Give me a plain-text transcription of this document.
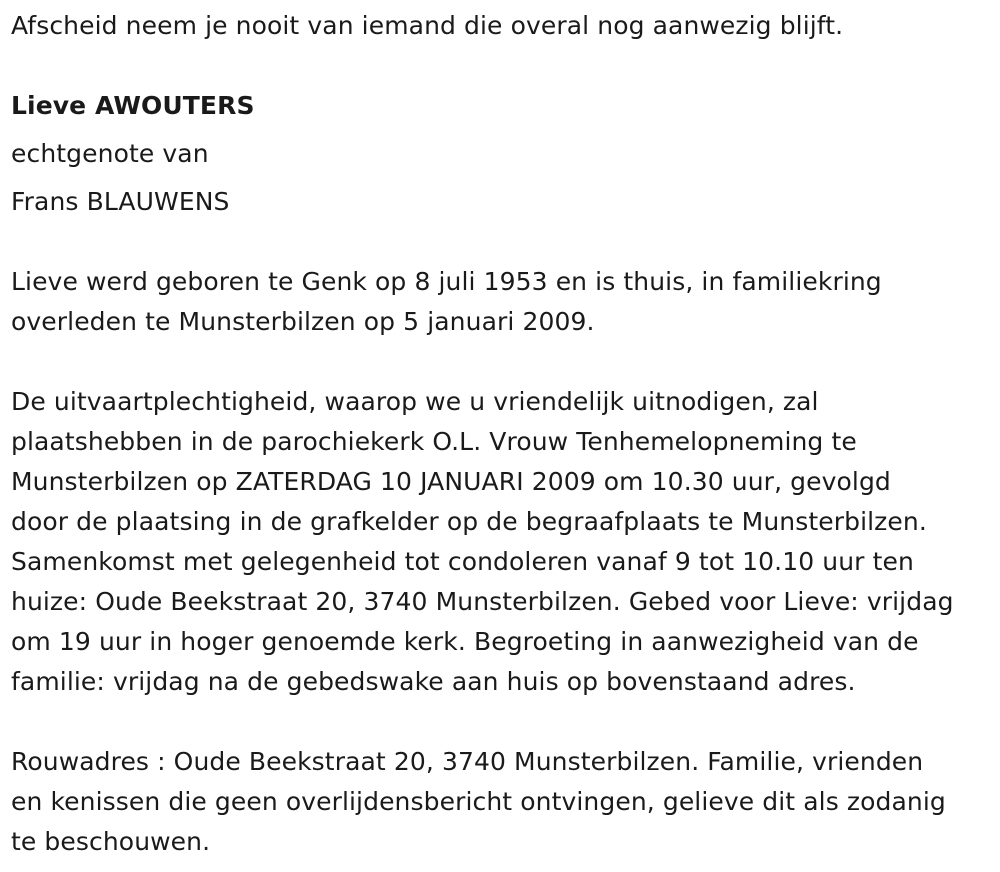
Afscheid neem je nooit van iemand die overal nog aanwezig blijft.
Lieve AWOUTERS
echtgenote van
Frans BLAUWENS
Lieve werd geboren te Genk op 8 juli 1953 en is thuis, in familiekring
overleden te Munsterbilzen op 5 januari 2009.
De uitvaartplechtigheid, waarop we u vriendelijk uitnodigen, zal
plaatshebben in de parochiekerk O.L. Vrouw Tenhemelopneming te
Munsterbilzen op ZATERDAG 10 JANUARI 2009 om 10.30 uur, gevolgd
door de plaatsing in de grafkelder op de begraafplaats te Munsterbilzen.
Samenkomst met gelegenheid tot condoleren vanaf 9 tot 10.10 uur ten
huize: Oude Beekstraat 20, 3740 Munsterbilzen. Gebed voor Lieve: vrijdag
om 19 uur in hoger genoemde kerk. Begroeting in aanwezigheid van de
familie: vrijdag na de gebedswake aan huis op bovenstaand adres.
Rouwadres : Oude Beekstraat 20, 3740 Munsterbilzen. Familie, vrienden
en kenissen die geen overlijdensbericht ontvingen, gelieve dit als zodanig
te beschouwen.
